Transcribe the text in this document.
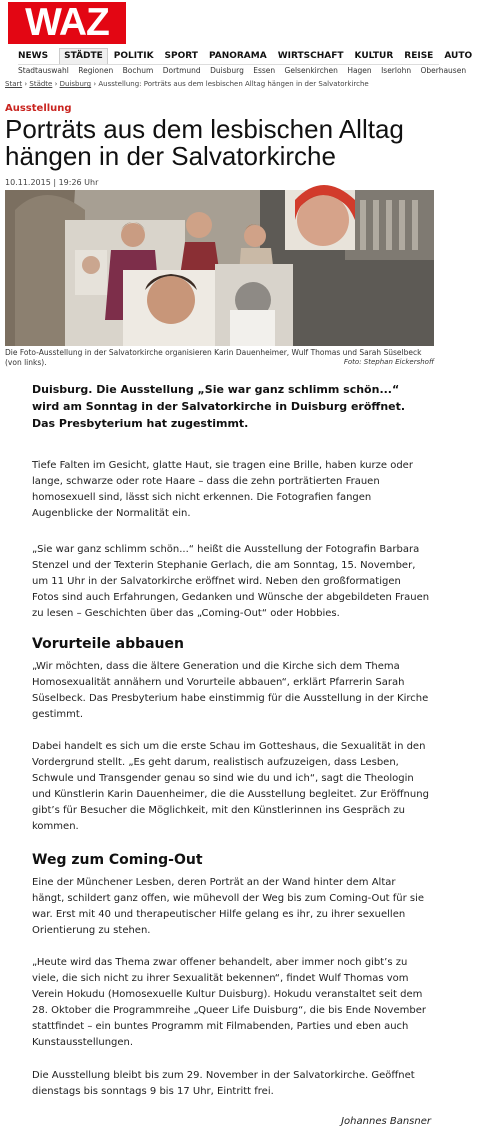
WAZ
NEWS	STÄDTE	POLITIK	SPORT	PANORAMA	WIRTSCHAFT	KULTUR	REISE	AUTO
Stadtauswahl Regionen Bochum Dortmund Duisburg Essen Gelsenkirchen Hagen Iserlohn Oberhausen
Start › Städte › Duisburg › Ausstellung: Porträts aus dem lesbischen Alltag hängen in der Salvatorkirche
Ausstellung
Porträts aus dem lesbischen Alltag hängen in der Salvatorkirche
10.11.2015 | 19:26 Uhr
Die Foto-Ausstellung in der Salvatorkirche organisieren Karin Dauenheimer, Wulf Thomas und Sarah Süselbeck (von links).	Foto: Stephan Eickershoff
Duisburg. Die Ausstellung „Sie war ganz schlimm schön...“ wird am Sonntag in der Salvatorkirche in Duisburg eröffnet. Das Presbyterium hat zugestimmt.

Tiefe Falten im Gesicht, glatte Haut, sie tragen eine Brille, haben kurze oder lange, schwarze oder rote Haare – dass die zehn porträtierten Frauen homosexuell sind, lässt sich nicht erkennen. Die Fotografien fangen Augenblicke der Normalität ein.

„Sie war ganz schlimm schön...“ heißt die Ausstellung der Fotografin Barbara Stenzel und der Texterin Stephanie Gerlach, die am Sonntag, 15. November, um 11 Uhr in der Salvatorkirche eröffnet wird. Neben den großformatigen Fotos sind auch Erfahrungen, Gedanken und Wünsche der abgebildeten Frauen zu lesen – Geschichten über das „Coming-Out“ oder Hobbies.

Vorurteile abbauen

„Wir möchten, dass die ältere Generation und die Kirche sich dem Thema Homosexualität annähern und Vorurteile abbauen“, erklärt Pfarrerin Sarah Süselbeck. Das Presbyterium habe einstimmig für die Ausstellung in der Kirche gestimmt.

Dabei handelt es sich um die erste Schau im Gotteshaus, die Sexualität in den Vordergrund stellt. „Es geht darum, realistisch aufzuzeigen, dass Lesben, Schwule und Transgender genau so sind wie du und ich“, sagt die Theologin und Künstlerin Karin Dauenheimer, die die Ausstellung begleitet. Zur Eröffnung gibt’s für Besucher die Möglichkeit, mit den Künstlerinnen ins Gespräch zu kommen.

Weg zum Coming-Out

Eine der Münchener Lesben, deren Porträt an der Wand hinter dem Altar hängt, schildert ganz offen, wie mühevoll der Weg bis zum Coming-Out für sie war. Erst mit 40 und therapeutischer Hilfe gelang es ihr, zu ihrer sexuellen Orientierung zu stehen.

„Heute wird das Thema zwar offener behandelt, aber immer noch gibt’s zu viele, die sich nicht zu ihrer Sexualität bekennen“, findet Wulf Thomas vom Verein Hokudu (Homosexuelle Kultur Duisburg). Hokudu veranstaltet seit dem 28. Oktober die Programmreihe „Queer Life Duisburg“, die bis Ende November stattfindet – ein buntes Programm mit Filmabenden, Parties und eben auch Kunstausstellungen.

Die Ausstellung bleibt bis zum 29. November in der Salvatorkirche. Geöffnet dienstags bis sonntags 9 bis 17 Uhr, Eintritt frei.

Johannes Bansner
